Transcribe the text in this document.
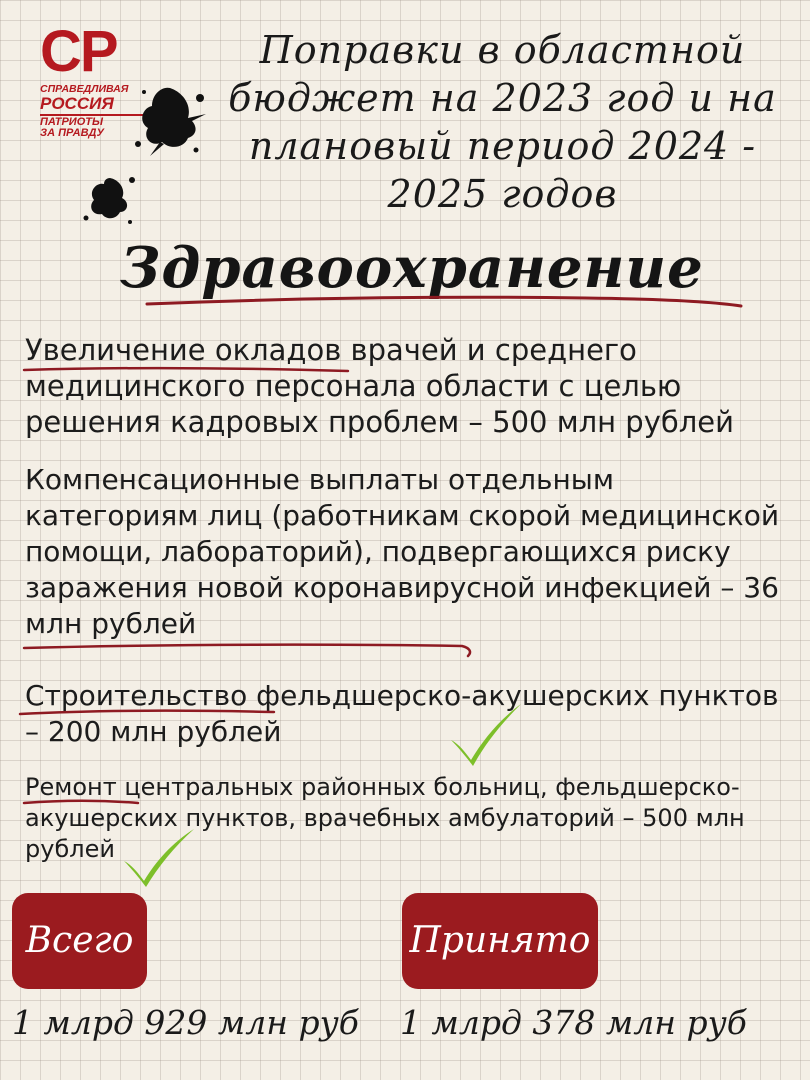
СР
СПРАВЕДЛИВАЯ
РОССИЯ
ПАТРИОТЫ
ЗА ПРАВДУ
Поправки в областной бюджет на 2023 год и на плановый период 2024 - 2025 годов
Здравоохранение

Увеличение окладов врачей и среднего медицинского персонала области с целью решения кадровых проблем – 500 млн рублей

Компенсационные выплаты отдельным категориям лиц (работникам скорой медицинской помощи, лабораторий), подвергающихся риску заражения новой коронавирусной инфекцией – 36 млн рублей

Строительство фельдшерско-акушерских пунктов – 200 млн рублей

Ремонт центральных районных больниц, фельдшерско-акушерских пунктов, врачебных амбулаторий – 500 млн рублей

Всего	Принято

1 млрд 929 млн руб 1 млрд 378 млн руб
